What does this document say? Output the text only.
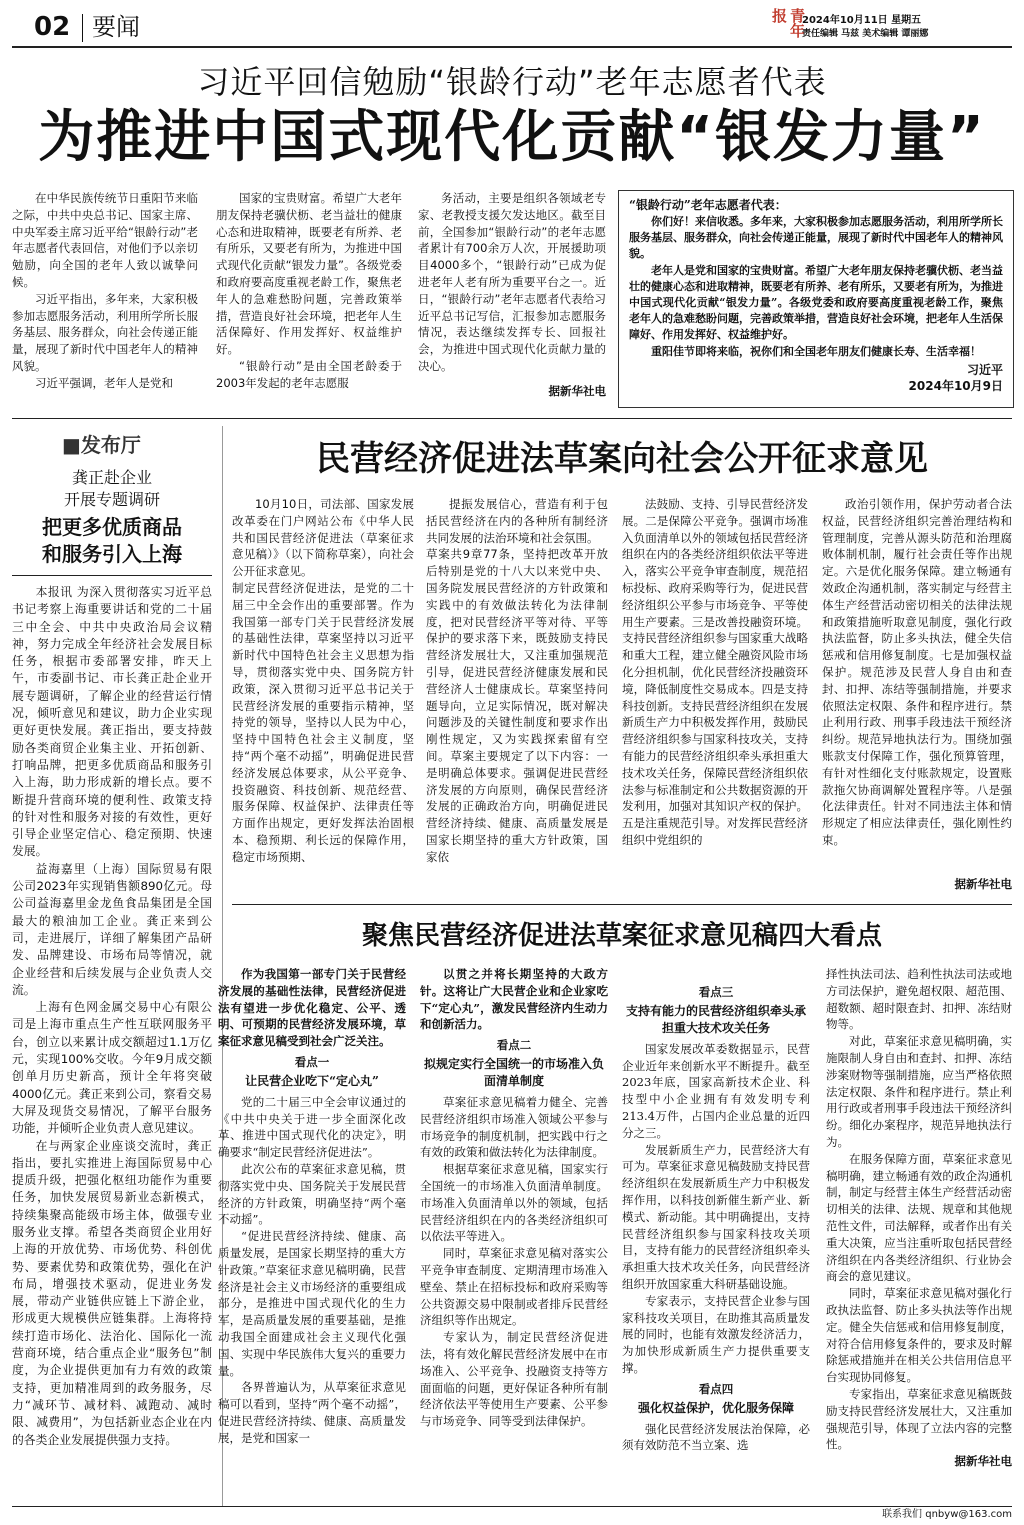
02 要闻	青年报	2024年10月11日 星期五
责任编辑 马兹 美术编辑 谭丽娜
习近平回信勉励“银龄行动”老年志愿者代表
为推进中国式现代化贡献“银发力量”

在中华民族传统节日重阳节来临之际，中共中央总书记、国家主席、中央军委主席习近平给“银龄行动”老年志愿者代表回信，对他们予以亲切勉励，向全国的老年人致以诚挚问候。

习近平指出，多年来，大家积极参加志愿服务活动，利用所学所长服务基层、服务群众，向社会传递正能量，展现了新时代中国老年人的精神风貌。

习近平强调，老年人是党和

国家的宝贵财富。希望广大老年朋友保持老骥伏枥、老当益壮的健康心态和进取精神，既要老有所养、老有所乐，又要老有所为，为推进中国式现代化贡献“银发力量”。各级党委和政府要高度重视老龄工作，聚焦老年人的急难愁盼问题，完善政策举措，营造良好社会环境，把老年人生活保障好、作用发挥好、权益维护好。

“银龄行动”是由全国老龄委于2003年发起的老年志愿服

务活动，主要是组织各领域老专家、老教授支援欠发达地区。截至目前，全国参加“银龄行动”的老年志愿者累计有700余万人次，开展援助项目4000多个，“银龄行动”已成为促进老年人老有所为重要平台之一。近日，“银龄行动”老年志愿者代表给习近平总书记写信，汇报参加志愿服务情况，表达继续发挥专长、回报社会，为推进中国式现代化贡献力量的决心。

据新华社电

“银龄行动”老年志愿者代表：

你们好！来信收悉。多年来，大家积极参加志愿服务活动，利用所学所长服务基层、服务群众，向社会传递正能量，展现了新时代中国老年人的精神风貌。

老年人是党和国家的宝贵财富。希望广大老年朋友保持老骥伏枥、老当益壮的健康心态和进取精神，既要老有所养、老有所乐，又要老有所为，为推进中国式现代化贡献“银发力量”。各级党委和政府要高度重视老龄工作，聚焦老年人的急难愁盼问题，完善政策举措，营造良好社会环境，把老年人生活保障好、作用发挥好、权益维护好。

重阳佳节即将来临，祝你们和全国老年朋友们健康长寿、生活幸福！

习近平
2024年10月9日
■发布厅
龚正赴企业
开展专题调研
把更多优质商品
和服务引入上海

本报讯 为深入贯彻落实习近平总书记考察上海重要讲话和党的二十届三中全会、中共中央政治局会议精神，努力完成全年经济社会发展目标任务，根据市委部署安排，昨天上午，市委副书记、市长龚正赴企业开展专题调研，了解企业的经营运行情况，倾听意见和建议，助力企业实现更好更快发展。龚正指出，要支持鼓励各类商贸企业集主业、开拓创新、打响品牌，把更多优质商品和服务引入上海，助力形成新的增长点。要不断提升营商环境的便利性、政策支持的针对性和服务对接的有效性，更好引导企业坚定信心、稳定预期、快速发展。

益海嘉里（上海）国际贸易有限公司2023年实现销售额890亿元。母公司益海嘉里金龙鱼食品集团是全国最大的粮油加工企业。龚正来到公司，走进展厅，详细了解集团产品研发、品牌建设、市场布局等情况，就企业经营和后续发展与企业负责人交流。

上海有色网金属交易中心有限公司是上海市重点生产性互联网服务平台，创立以来累计成交额超过1.1万亿元，实现100%交收。今年9月成交额创单月历史新高，预计全年将突破4000亿元。龚正来到公司，察看交易大屏及现货交易情况，了解平台服务功能，并倾听企业负责人意见建议。

在与两家企业座谈交流时，龚正指出，要扎实推进上海国际贸易中心提质升级，把强化枢纽功能作为重要任务，加快发展贸易新业态新模式，持续集聚高能级市场主体，做强专业服务业支撑。希望各类商贸企业用好上海的开放优势、市场优势、科创优势、要素优势和政策优势，强化在沪布局，增强技术驱动，促进业务发展，带动产业链供应链上下游企业，形成更大规模供应链集群。上海将持续打造市场化、法治化、国际化一流营商环境，结合重点企业“服务包”制度，为企业提供更加有力有效的政策支持，更加精准周到的政务服务，尽力“减环节、减材料、减跑动、减时限、减费用”，为包括新业态企业在内的各类企业发展提供强力支持。

民营经济促进法草案向社会公开征求意见

10月10日，司法部、国家发展改革委在门户网站公布《中华人民共和国民营经济促进法（草案征求意见稿）》（以下简称草案），向社会公开征求意见。
制定民营经济促进法，是党的二十届三中全会作出的重要部署。作为我国第一部专门关于民营经济发展的基础性法律，草案坚持以习近平新时代中国特色社会主义思想为指导，贯彻落实党中央、国务院方针政策，深入贯彻习近平总书记关于民营经济发展的重要指示精神，坚持党的领导，坚持以人民为中心，坚持中国特色社会主义制度，坚持“两个毫不动摇”，明确促进民营经济发展总体要求，从公平竞争、投资融资、科技创新、规范经营、服务保障、权益保护、法律责任等方面作出规定，更好发挥法治固根本、稳预期、利长远的保障作用，稳定市场预期、

提振发展信心，营造有利于包括民营经济在内的各种所有制经济共同发展的法治环境和社会氛围。
草案共9章77条，坚持把改革开放后特别是党的十八大以来党中央、国务院发展民营经济的方针政策和实践中的有效做法转化为法律制度，把对民营经济平等对待、平等保护的要求落下来，既鼓励支持民营经济发展壮大，又注重加强规范引导，促进民营经济健康发展和民营经济人士健康成长。草案坚持问题导向，立足实际情况，既对解决问题涉及的关键性制度和要求作出刚性规定，又为实践探索留有空间。草案主要规定了以下内容：一是明确总体要求。强调促进民营经济发展的方向原则，确保民营经济发展的正确政治方向，明确促进民营经济持续、健康、高质量发展是国家长期坚持的重大方针政策，国家依

法鼓励、支持、引导民营经济发展。二是保障公平竞争。强调市场准入负面清单以外的领域包括民营经济组织在内的各类经济组织依法平等进入，落实公平竞争审查制度，规范招标投标、政府采购等行为，促进民营经济组织公平参与市场竞争、平等使用生产要素。三是改善投融资环境。支持民营经济组织参与国家重大战略和重大工程，建立健全融资风险市场化分担机制，优化民营经济投融资环境，降低制度性交易成本。四是支持科技创新。支持民营经济组织在发展新质生产力中积极发挥作用，鼓励民营经济组织参与国家科技攻关，支持有能力的民营经济组织牵头承担重大技术攻关任务，保障民营经济组织依法参与标准制定和公共数据资源的开发利用，加强对其知识产权的保护。五是注重规范引导。对发挥民营经济组织中党组织的

政治引领作用，保护劳动者合法权益，民营经济组织完善治理结构和管理制度，完善从源头防范和治理腐败体制机制，履行社会责任等作出规定。六是优化服务保障。建立畅通有效政企沟通机制，落实制定与经营主体生产经营活动密切相关的法律法规和政策措施听取意见制度，强化行政执法监督，防止多头执法，健全失信惩戒和信用修复制度。七是加强权益保护。规范涉及民营人身自由和查封、扣押、冻结等强制措施，并要求依照法定权限、条件和程序进行。禁止利用行政、刑事手段违法干预经济纠纷。规范异地执法行为。围绕加强账款支付保障工作，强化预算管理，有针对性细化支付账款规定，设置账款拖欠协商调解处置程序等。八是强化法律责任。针对不同违法主体和情形规定了相应法律责任，强化刚性约束。

据新华社电

聚焦民营经济促进法草案征求意见稿四大看点

作为我国第一部专门关于民营经济发展的基础性法律，民营经济促进法有望进一步优化稳定、公平、透明、可预期的民营经济发展环境，草案征求意见稿受到社会广泛关注。

看点一

让民营企业吃下“定心丸”

党的二十届三中全会审议通过的《中共中央关于进一步全面深化改革、推进中国式现代化的决定》，明确要求“制定民营经济促进法”。

此次公布的草案征求意见稿，贯彻落实党中央、国务院关于发展民营经济的方针政策，明确坚持“两个毫不动摇”。

“促进民营经济持续、健康、高质量发展，是国家长期坚持的重大方针政策。”草案征求意见稿明确，民营经济是社会主义市场经济的重要组成部分，是推进中国式现代化的生力军，是高质量发展的重要基础，是推动我国全面建成社会主义现代化强国、实现中华民族伟大复兴的重要力量。

各界普遍认为，从草案征求意见稿可以看到，坚持“两个毫不动摇”，促进民营经济持续、健康、高质量发展，是党和国家一

以贯之并将长期坚持的大政方针。这将让广大民营企业和企业家吃下“定心丸”，激发民营经济内生动力和创新活力。

看点二

拟规定实行全国统一的市场准入负面清单制度

草案征求意见稿着力健全、完善民营经济组织市场准入领域公平参与市场竞争的制度机制，把实践中行之有效的政策和做法转化为法律制度。

根据草案征求意见稿，国家实行全国统一的市场准入负面清单制度。市场准入负面清单以外的领域，包括民营经济组织在内的各类经济组织可以依法平等进入。

同时，草案征求意见稿对落实公平竞争审查制度、定期清理市场准入壁垒、禁止在招标投标和政府采购等公共资源交易中限制或者排斥民营经济组织等作出规定。

专家认为，制定民营经济促进法，将有效化解民营经济发展中在市场准入、公平竞争、投融资支持等方面面临的问题，更好保证各种所有制经济依法平等使用生产要素、公平参与市场竞争、同等受到法律保护。

看点三

支持有能力的民营经济组织牵头承担重大技术攻关任务

国家发展改革委数据显示，民营企业近年来创新水平不断提升。截至2023年底，国家高新技术企业、科技型中小企业拥有有效发明专利213.4万件，占国内企业总量的近四分之三。

发展新质生产力，民营经济大有可为。草案征求意见稿鼓励支持民营经济组织在发展新质生产力中积极发挥作用，以科技创新催生新产业、新模式、新动能。其中明确提出，支持民营经济组织参与国家科技攻关项目，支持有能力的民营经济组织牵头承担重大技术攻关任务，向民营经济组织开放国家重大科研基础设施。

专家表示，支持民营企业参与国家科技攻关项目，在助推其高质量发展的同时，也能有效激发经济活力，为加快形成新质生产力提供重要支撑。

看点四

强化权益保护，优化服务保障

强化民营经济发展法治保障，必须有效防范不当立案、选

择性执法司法、趋利性执法司法或地方司法保护，避免超权限、超范围、超数额、超时限查封、扣押、冻结财物等。

对此，草案征求意见稿明确，实施限制人身自由和查封、扣押、冻结涉案财物等强制措施，应当严格依照法定权限、条件和程序进行。禁止利用行政或者刑事手段违法干预经济纠纷。细化办案程序，规范异地执法行为。

在服务保障方面，草案征求意见稿明确，建立畅通有效的政企沟通机制，制定与经营主体生产经营活动密切相关的法律、法规、规章和其他规范性文件，司法解释，或者作出有关重大决策，应当注重听取包括民营经济组织在内各类经济组织、行业协会商会的意见建议。

同时，草案征求意见稿对强化行政执法监督、防止多头执法等作出规定。健全失信惩戒和信用修复制度，对符合信用修复条件的，要求及时解除惩戒措施并在相关公共信用信息平台实现协同修复。

专家指出，草案征求意见稿既鼓励支持民营经济发展壮大，又注重加强规范引导，体现了立法内容的完整性。

据新华社电

联系我们 qnbyw@163.com
